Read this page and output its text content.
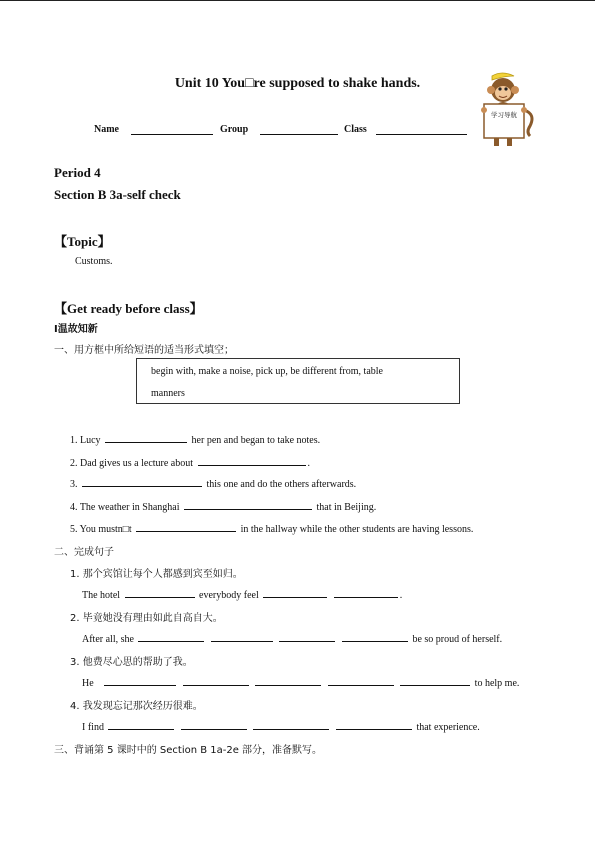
Unit 10 You□re supposed to shake hands.
学习导航
Name	Group	Class
Period 4
Section B 3a-self check
【Topic】
Customs.
【Get ready before class】
Ⅰ温故知新
一、用方框中所给短语的适当形式填空；
begin with, make a noise, pick up, be different from, table
manners
1. Lucy	her pen and began to take notes.
2. Dad gives us a lecture about	.
3.	this one and do the others afterwards.
4. The weather in Shanghai	that in Beijing.
5. You mustn□t	in the hallway while the other students are having lessons.
二、完成句子
1. 那个宾馆让每个人都感到宾至如归。
The hotel	everybody feel	.
2. 毕竟她没有理由如此自高自大。
After all, she	be so proud of herself.
3. 他费尽心思的帮助了我。
He	to help me.
4. 我发现忘记那次经历很难。
I find	that experience.
三、背诵第 5 课时中的 Section B 1a-2e 部分，准备默写。
